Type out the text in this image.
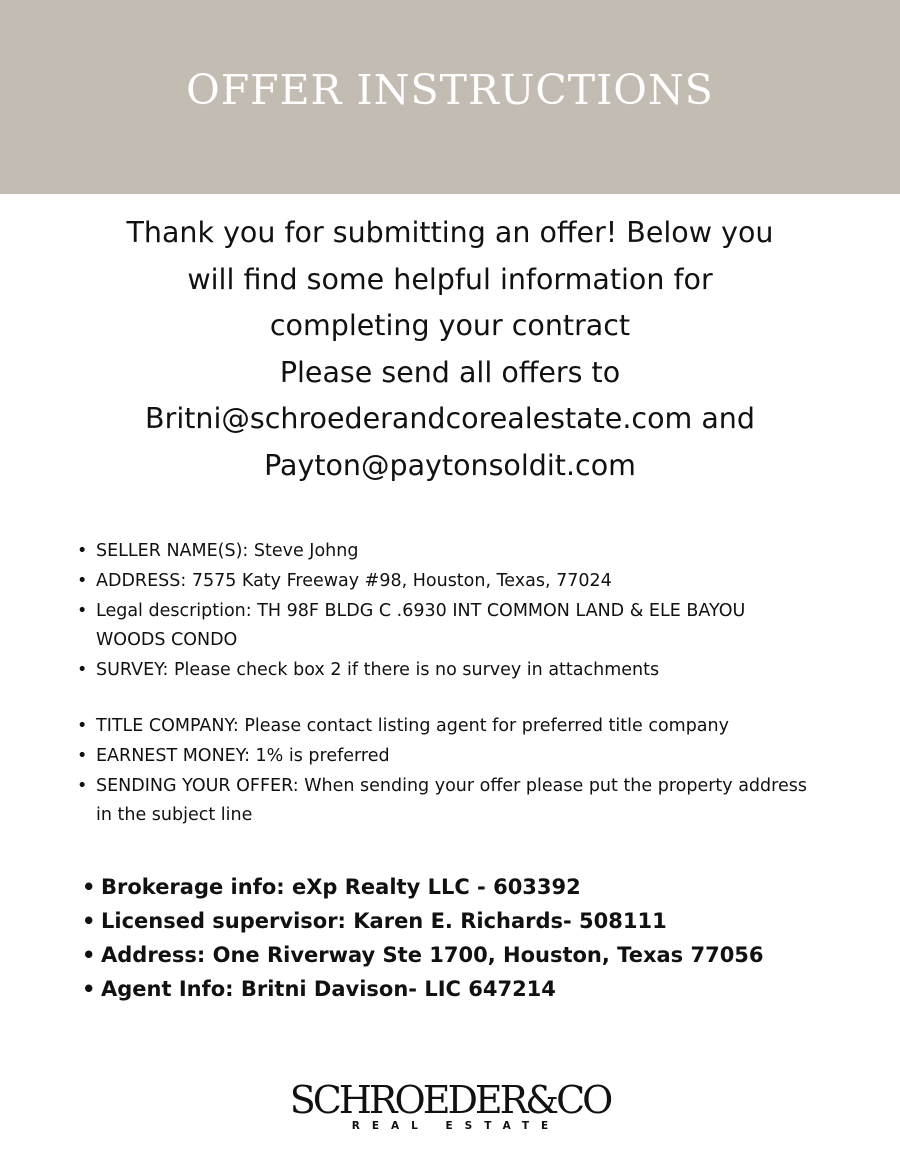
OFFER INSTRUCTIONS
Thank you for submitting an offer! Below you
will find some helpful information for
completing your contract
Please send all offers to
Britni@schroederandcorealestate.com and
Payton@paytonsoldit.com
• SELLER NAME(S): Steve Johng
• ADDRESS: 7575 Katy Freeway #98, Houston, Texas, 77024
• Legal description: TH 98F BLDG C .6930 INT COMMON LAND & ELE BAYOU WOODS CONDO
• SURVEY: Please check box 2 if there is no survey in attachments
• TITLE COMPANY: Please contact listing agent for preferred title company
• EARNEST MONEY: 1% is preferred
• SENDING YOUR OFFER: When sending your offer please put the property address in the subject line
• Brokerage info: eXp Realty LLC - 603392
• Licensed supervisor: Karen E. Richards- 508111
• Address: One Riverway Ste 1700, Houston, Texas 77056
• Agent Info: Britni Davison- LIC 647214
SCHROEDER&CO
REAL ESTATE
